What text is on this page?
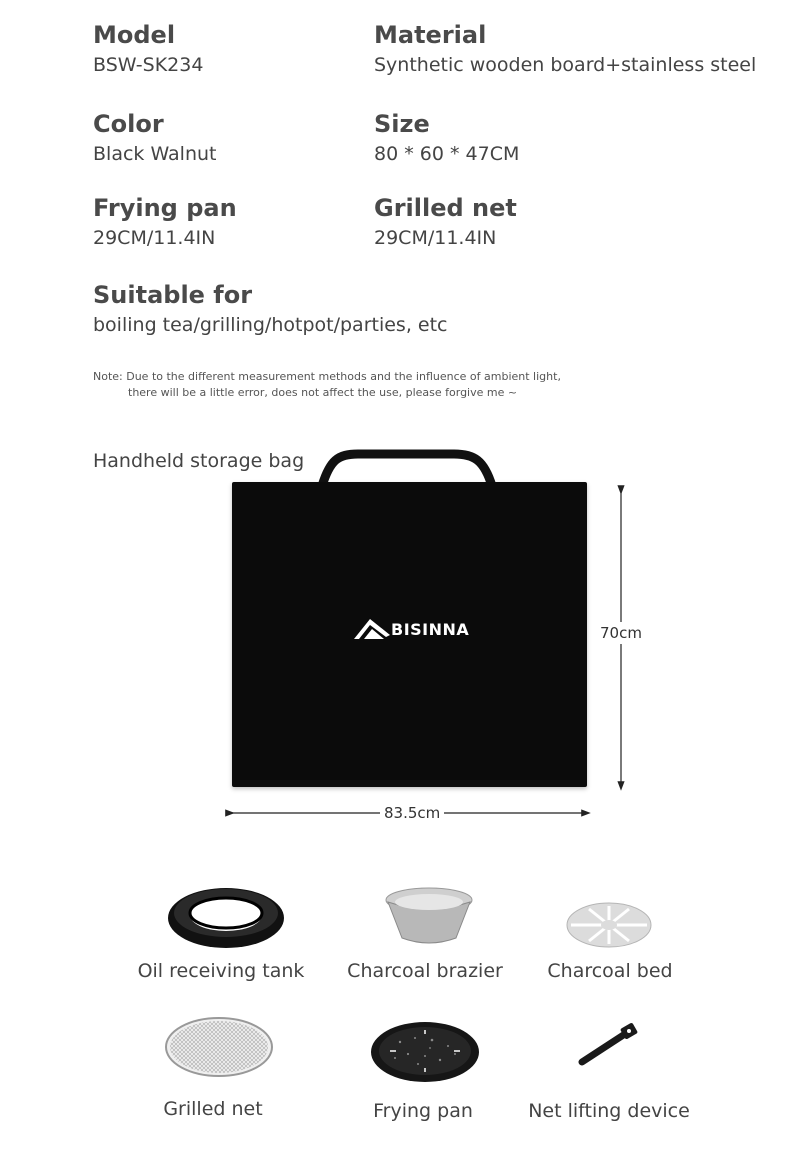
Model
BSW-SK234
Material
Synthetic wooden board+stainless steel
Color
Black Walnut
Size
80 * 60 * 47CM
Frying pan
29CM/11.4IN
Grilled net
29CM/11.4IN
Suitable for
boiling tea/grilling/hotpot/parties, etc
Note: Due to the different measurement methods and the influence of ambient light,
there will be a little error, does not affect the use, please forgive me ~
Handheld storage bag
BISINNA	70cm
83.5cm
Oil receiving tank	Charcoal brazier	Charcoal bed
Grilled net	Frying pan	Net lifting device
